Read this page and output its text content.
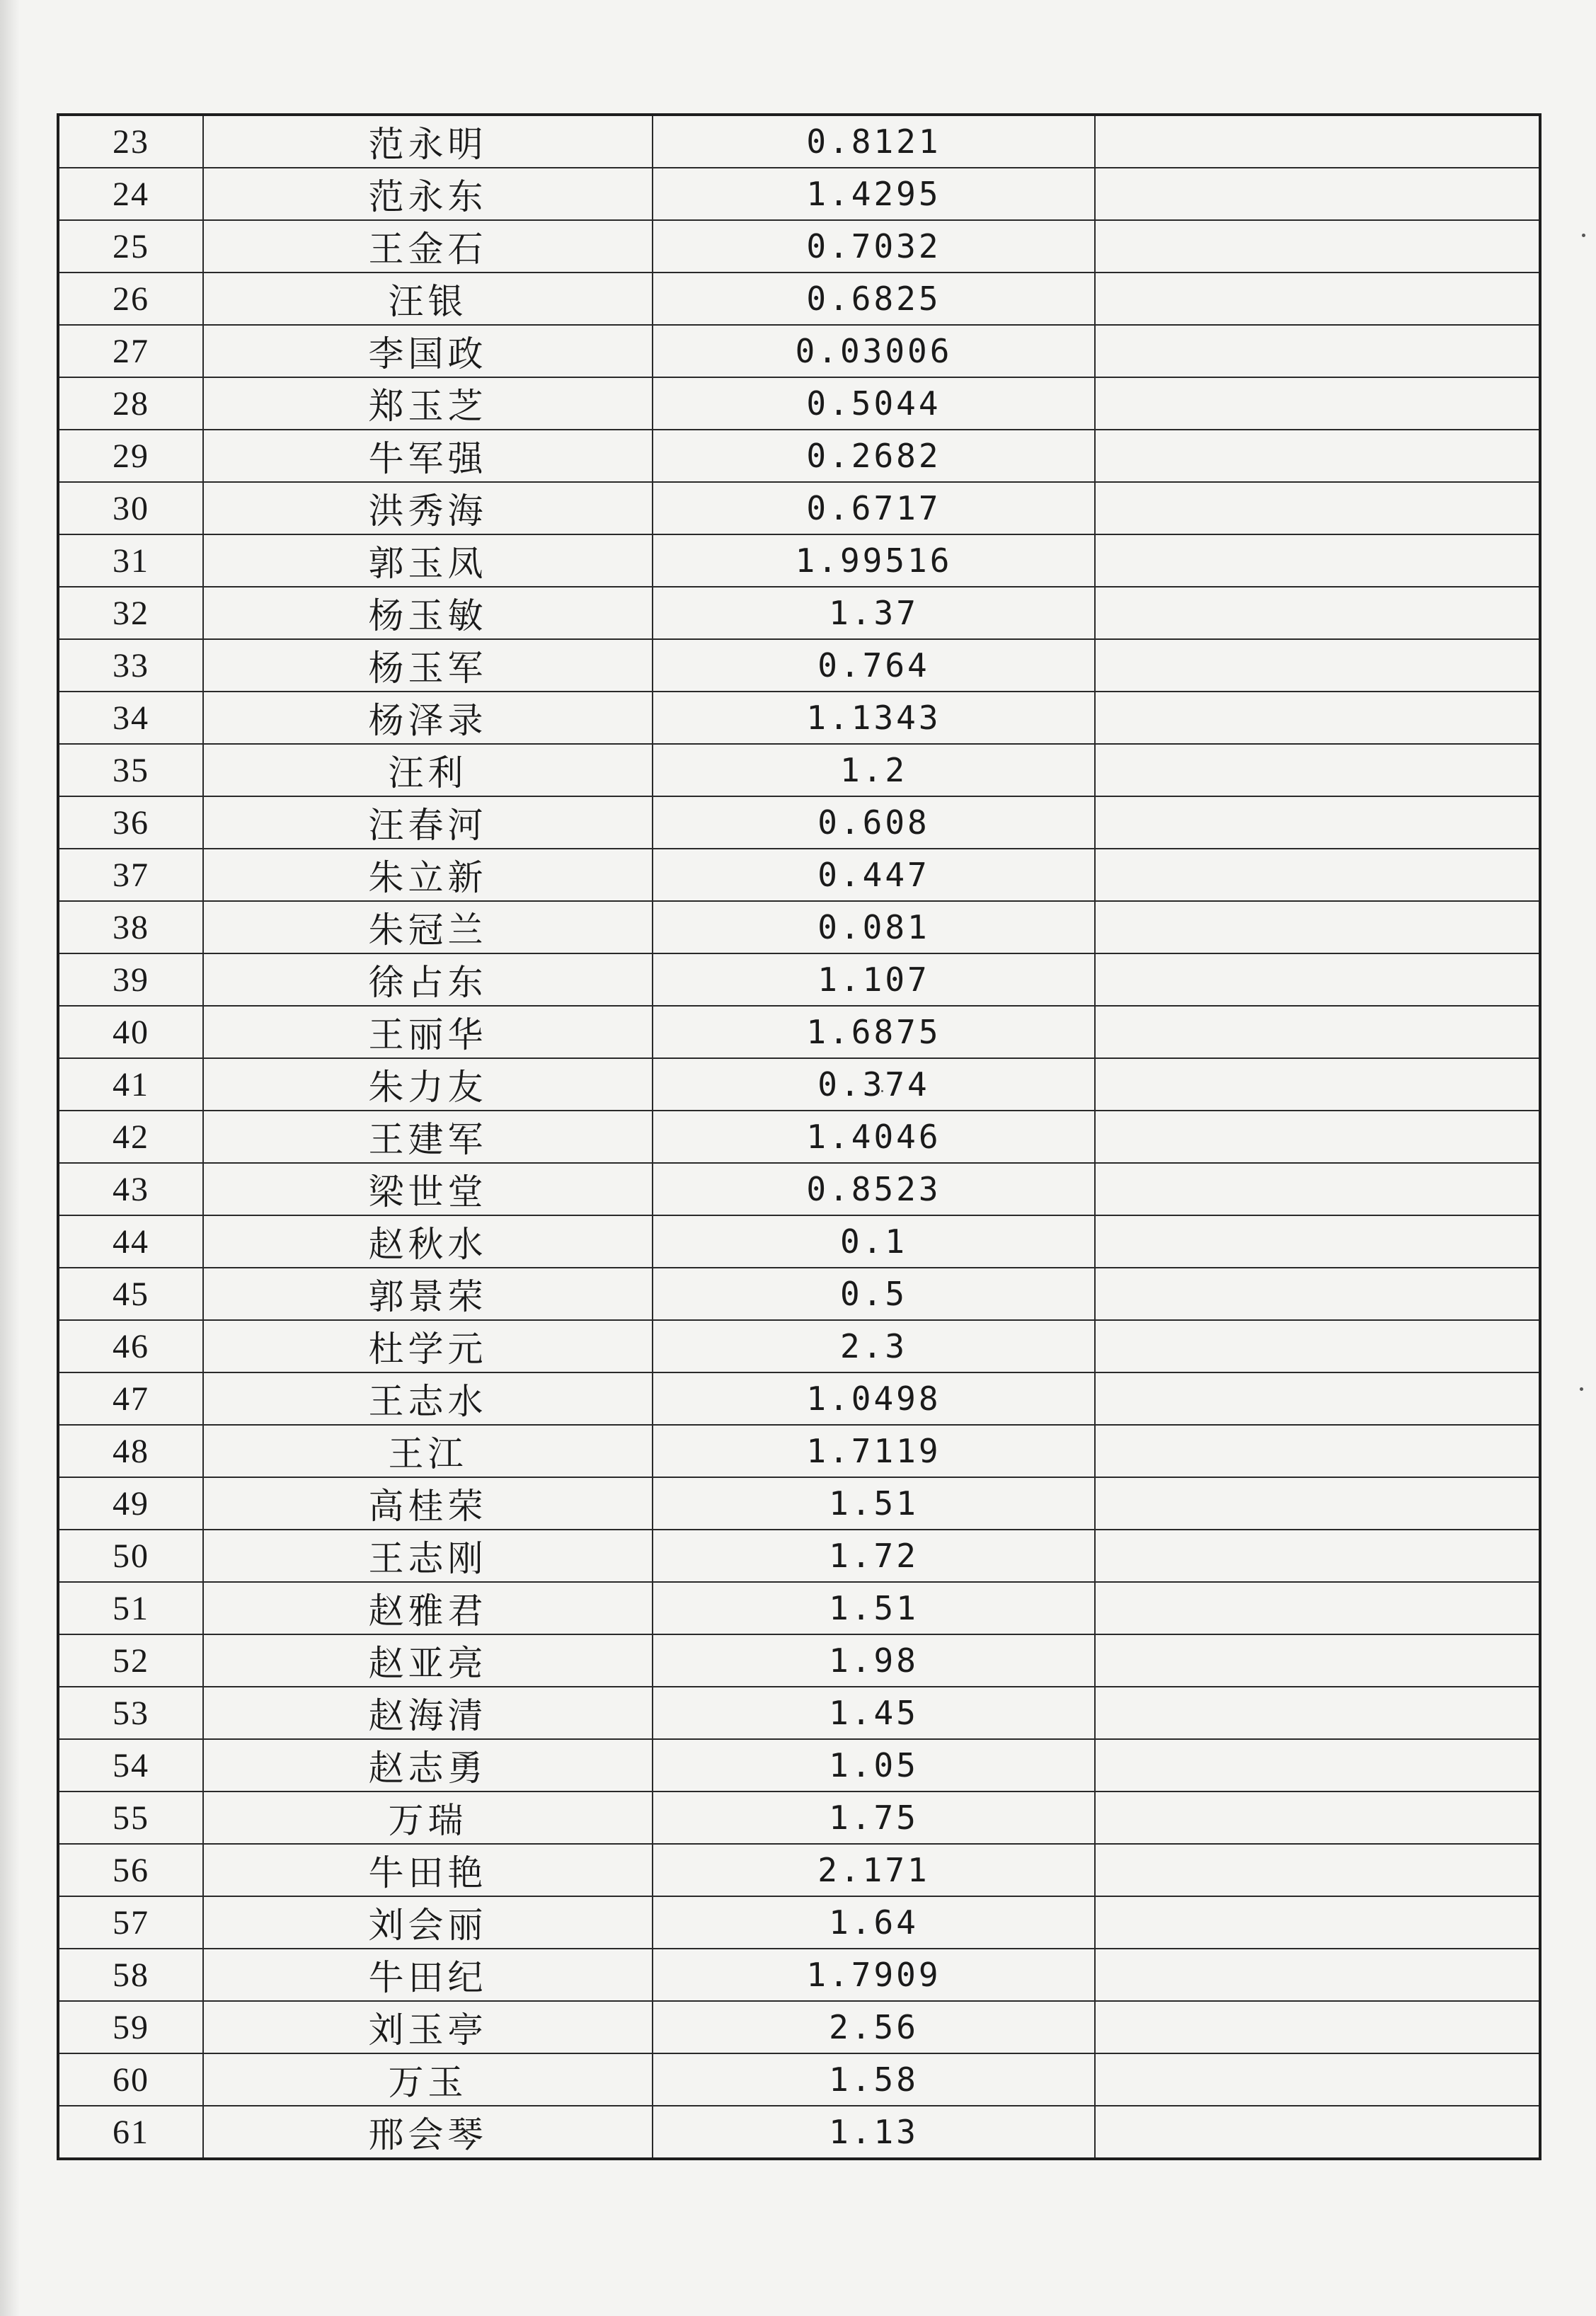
23	范永明	0.8121	
24	范永东	1.4295	
25	王金石	0.7032	
26	汪银	0.6825	
27	李国政	0.03006	
28	郑玉芝	0.5044	
29	牛军强	0.2682	
30	洪秀海	0.6717	
31	郭玉凤	1.99516	
32	杨玉敏	1.37	
33	杨玉军	0.764	
34	杨泽录	1.1343	
35	汪利	1.2	
36	汪春河	0.608	
37	朱立新	0.447	
38	朱冠兰	0.081	
39	徐占东	1.107	
40	王丽华	1.6875	
41	朱力友	0.374	
42	王建军	1.4046	
43	梁世堂	0.8523	
44	赵秋水	0.1	
45	郭景荣	0.5	
46	杜学元	2.3	
47	王志水	1.0498	
48	王江	1.7119	
49	高桂荣	1.51	
50	王志刚	1.72	
51	赵雅君	1.51	
52	赵亚亮	1.98	
53	赵海清	1.45	
54	赵志勇	1.05	
55	万瑞	1.75	
56	牛田艳	2.171	
57	刘会丽	1.64	
58	牛田纪	1.7909	
59	刘玉亭	2.56	
60	万玉	1.58	
61	邢会琴	1.13	
